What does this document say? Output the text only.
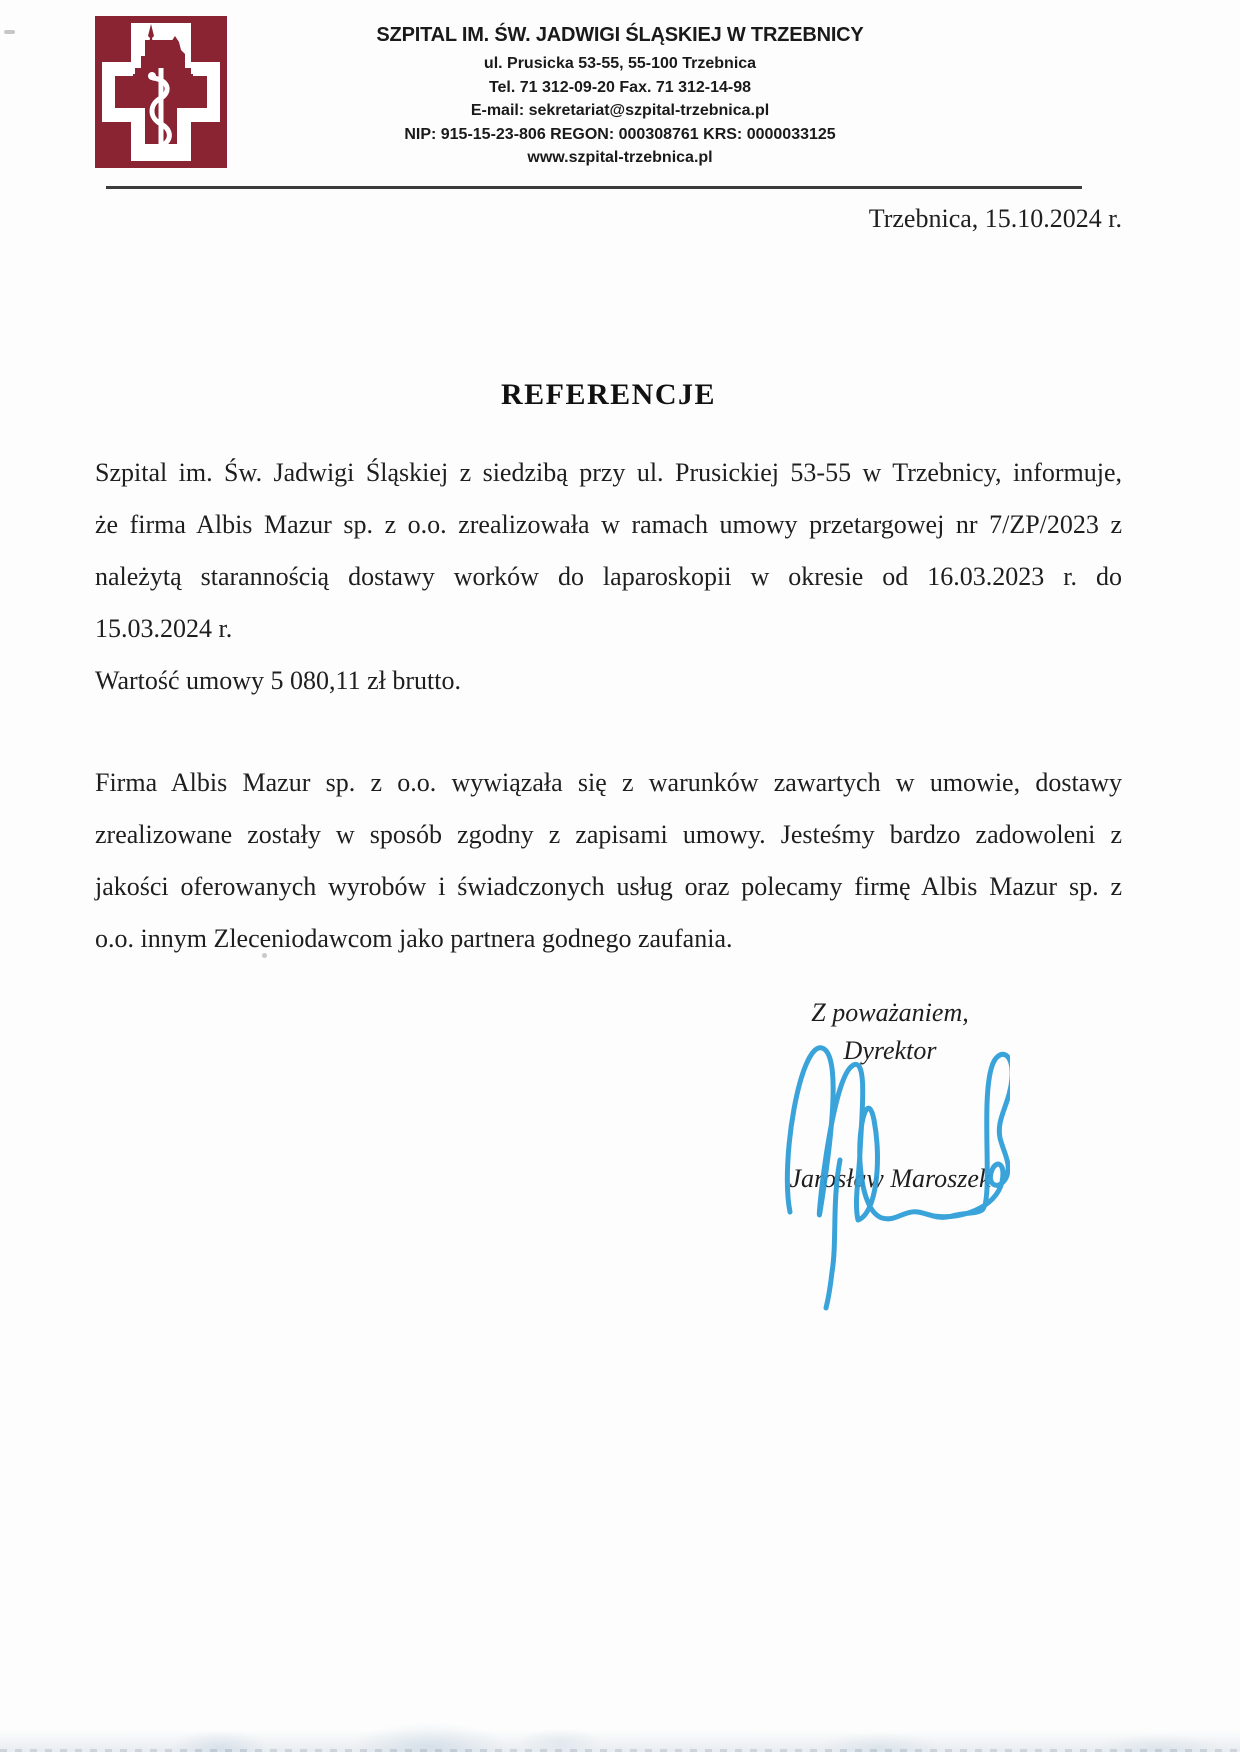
SZPITAL IM. ŚW. JADWIGI ŚLĄSKIEJ W TRZEBNICY
ul. Prusicka 53-55, 55-100 Trzebnica
Tel. 71 312-09-20 Fax. 71 312-14-98
E-mail: sekretariat@szpital-trzebnica.pl
NIP: 915-15-23-806 REGON: 000308761 KRS: 0000033125
www.szpital-trzebnica.pl
Trzebnica, 15.10.2024 r.
REFERENCJE
Szpital im. Św. Jadwigi Śląskiej z siedzibą przy ul. Prusickiej 53-55 w Trzebnicy, informuje,
że firma Albis Mazur sp. z o.o. zrealizowała w ramach umowy przetargowej nr 7/ZP/2023 z
należytą starannością dostawy worków do laparoskopii w okresie od 16.03.2023 r. do
15.03.2024 r.
Wartość umowy 5 080,11 zł brutto.
Firma Albis Mazur sp. z o.o. wywiązała się z warunków zawartych w umowie, dostawy
zrealizowane zostały w sposób zgodny z zapisami umowy. Jesteśmy bardzo zadowoleni z
jakości oferowanych wyrobów i świadczonych usług oraz polecamy firmę Albis Mazur sp. z
o.o. innym Zleceniodawcom jako partnera godnego zaufania.
Z poważaniem,
Dyrektor
Jarosław Maroszek
